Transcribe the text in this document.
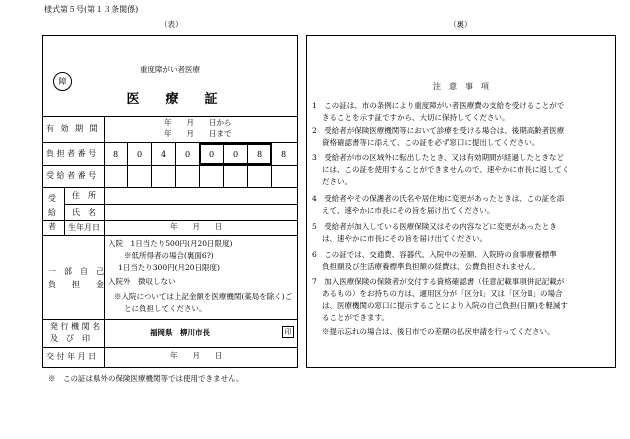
様式第５号(第１３条関係)
（表）	（裏）
障
重度障がい者医療
医　　療　　証
有 効 期 間
年　　月　　日から
年　　月　　日まで
負 担 者 番 号	8	0	4	0	0	0	8	8
受 給 者 番 号
受給者
住　所
氏　名
生年月日	年　　月　　日
一　部　自　己
負　　担　　金
入院　1日当たり500円(月20日限度)
※低所得者の場合(裏面6?)
1日当たり300円(月20日限度)
入院外　徴収しない
※入院については上記金額を医療機関(薬局を除く)ご
とに負担してください。
発 行 機 関 名
及　び　印
福岡県　柳川市長	印
交 付 年 月 日	年　　月　　日
※　この証は県外の保険医療機関等では使用できません。
注　意　事　項
1　この証は、市の条例により重度障がい者医療費の支給を受けることがで
きることを示す証ですから、大切に保持してください。
2　受給者が保険医療機関等において診療を受ける場合は、後期高齢者医療
資格確認書等に添えて、この証を必ず窓口に提出してください。
3　受給者が市の区域外に転出したとき、又は有効期間が経過したときなど
には、この証を使用することができませんので、速やかに市長に返してく
ださい。
4　受給者やその保護者の氏名や居住地に変更があったときは、この証を添
えて、速やかに市長にその旨を届け出てください。
5　受給者が加入している医療保険又はその内容などに変更があったとき
は、速やかに市長にその旨を届け出てください。
6　この証では、交通費、容器代、入院中の差額、入院時の食事療養標準
負担額及び生活療養標準負担額の経費は、公費負担されません。
7　加入医療保険の保険者が交付する資格確認書（任意記載事項併記記載が
あるもの）をお持ちの方は、適用区分が「区分Ⅰ」又は「区分Ⅱ」の場合
は、医療機関の窓口に提示することにより入院の自己負担(日額)を軽減す
ることができます。
※提示忘れの場合は、後日市での差額の払戻申請を行ってください。
